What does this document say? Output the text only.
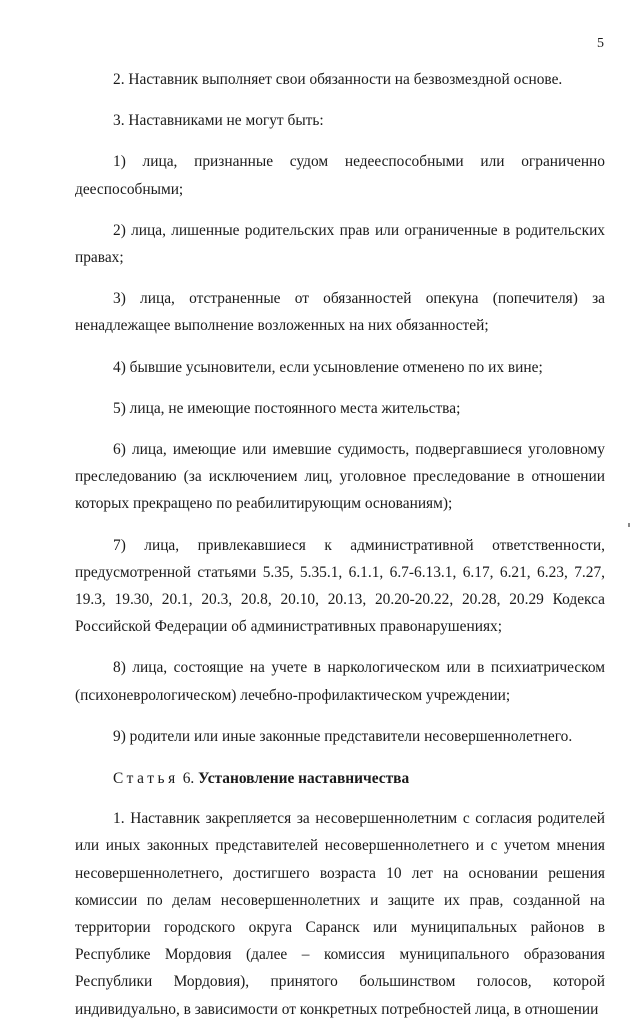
5

2. Наставник выполняет свои обязанности на безвозмездной основе.

3. Наставниками не могут быть:

1) лица, признанные судом недееспособными или ограниченно дееспособными;

2) лица, лишенные родительских прав или ограниченные в родительских правах;

3) лица, отстраненные от обязанностей опекуна (попечителя) за ненадлежащее выполнение возложенных на них обязанностей;

4) бывшие усыновители, если усыновление отменено по их вине;

5) лица, не имеющие постоянного места жительства;

6) лица, имеющие или имевшие судимость, подвергавшиеся уголовному преследованию (за исключением лиц, уголовное преследование в отношении которых прекращено по реабилитирующим основаниям);

7) лица, привлекавшиеся к административной ответственности, предусмотренной статьями 5.35, 5.35.1, 6.1.1, 6.7-6.13.1, 6.17, 6.21, 6.23, 7.27, 19.3, 19.30, 20.1, 20.3, 20.8, 20.10, 20.13, 20.20-20.22, 20.28, 20.29 Кодекса Российской Федерации об административных правонарушениях;

8) лица, состоящие на учете в наркологическом или в психиатрическом (психоневрологическом) лечебно-профилактическом учреждении;

9) родители или иные законные представители несовершеннолетнего.

Статья 6. Установление наставничества

1. Наставник закрепляется за несовершеннолетним с согласия родителей или иных законных представителей несовершеннолетнего и с учетом мнения несовершеннолетнего, достигшего возраста 10 лет на основании решения комиссии по делам несовершеннолетних и защите их прав, созданной на территории городского округа Саранск или муниципальных районов в Республике Мордовия (далее – комиссия муниципального образования Республики Мордовия), принятого большинством голосов, которой индивидуально, в зависимости от конкретных потребностей лица, в отношении
